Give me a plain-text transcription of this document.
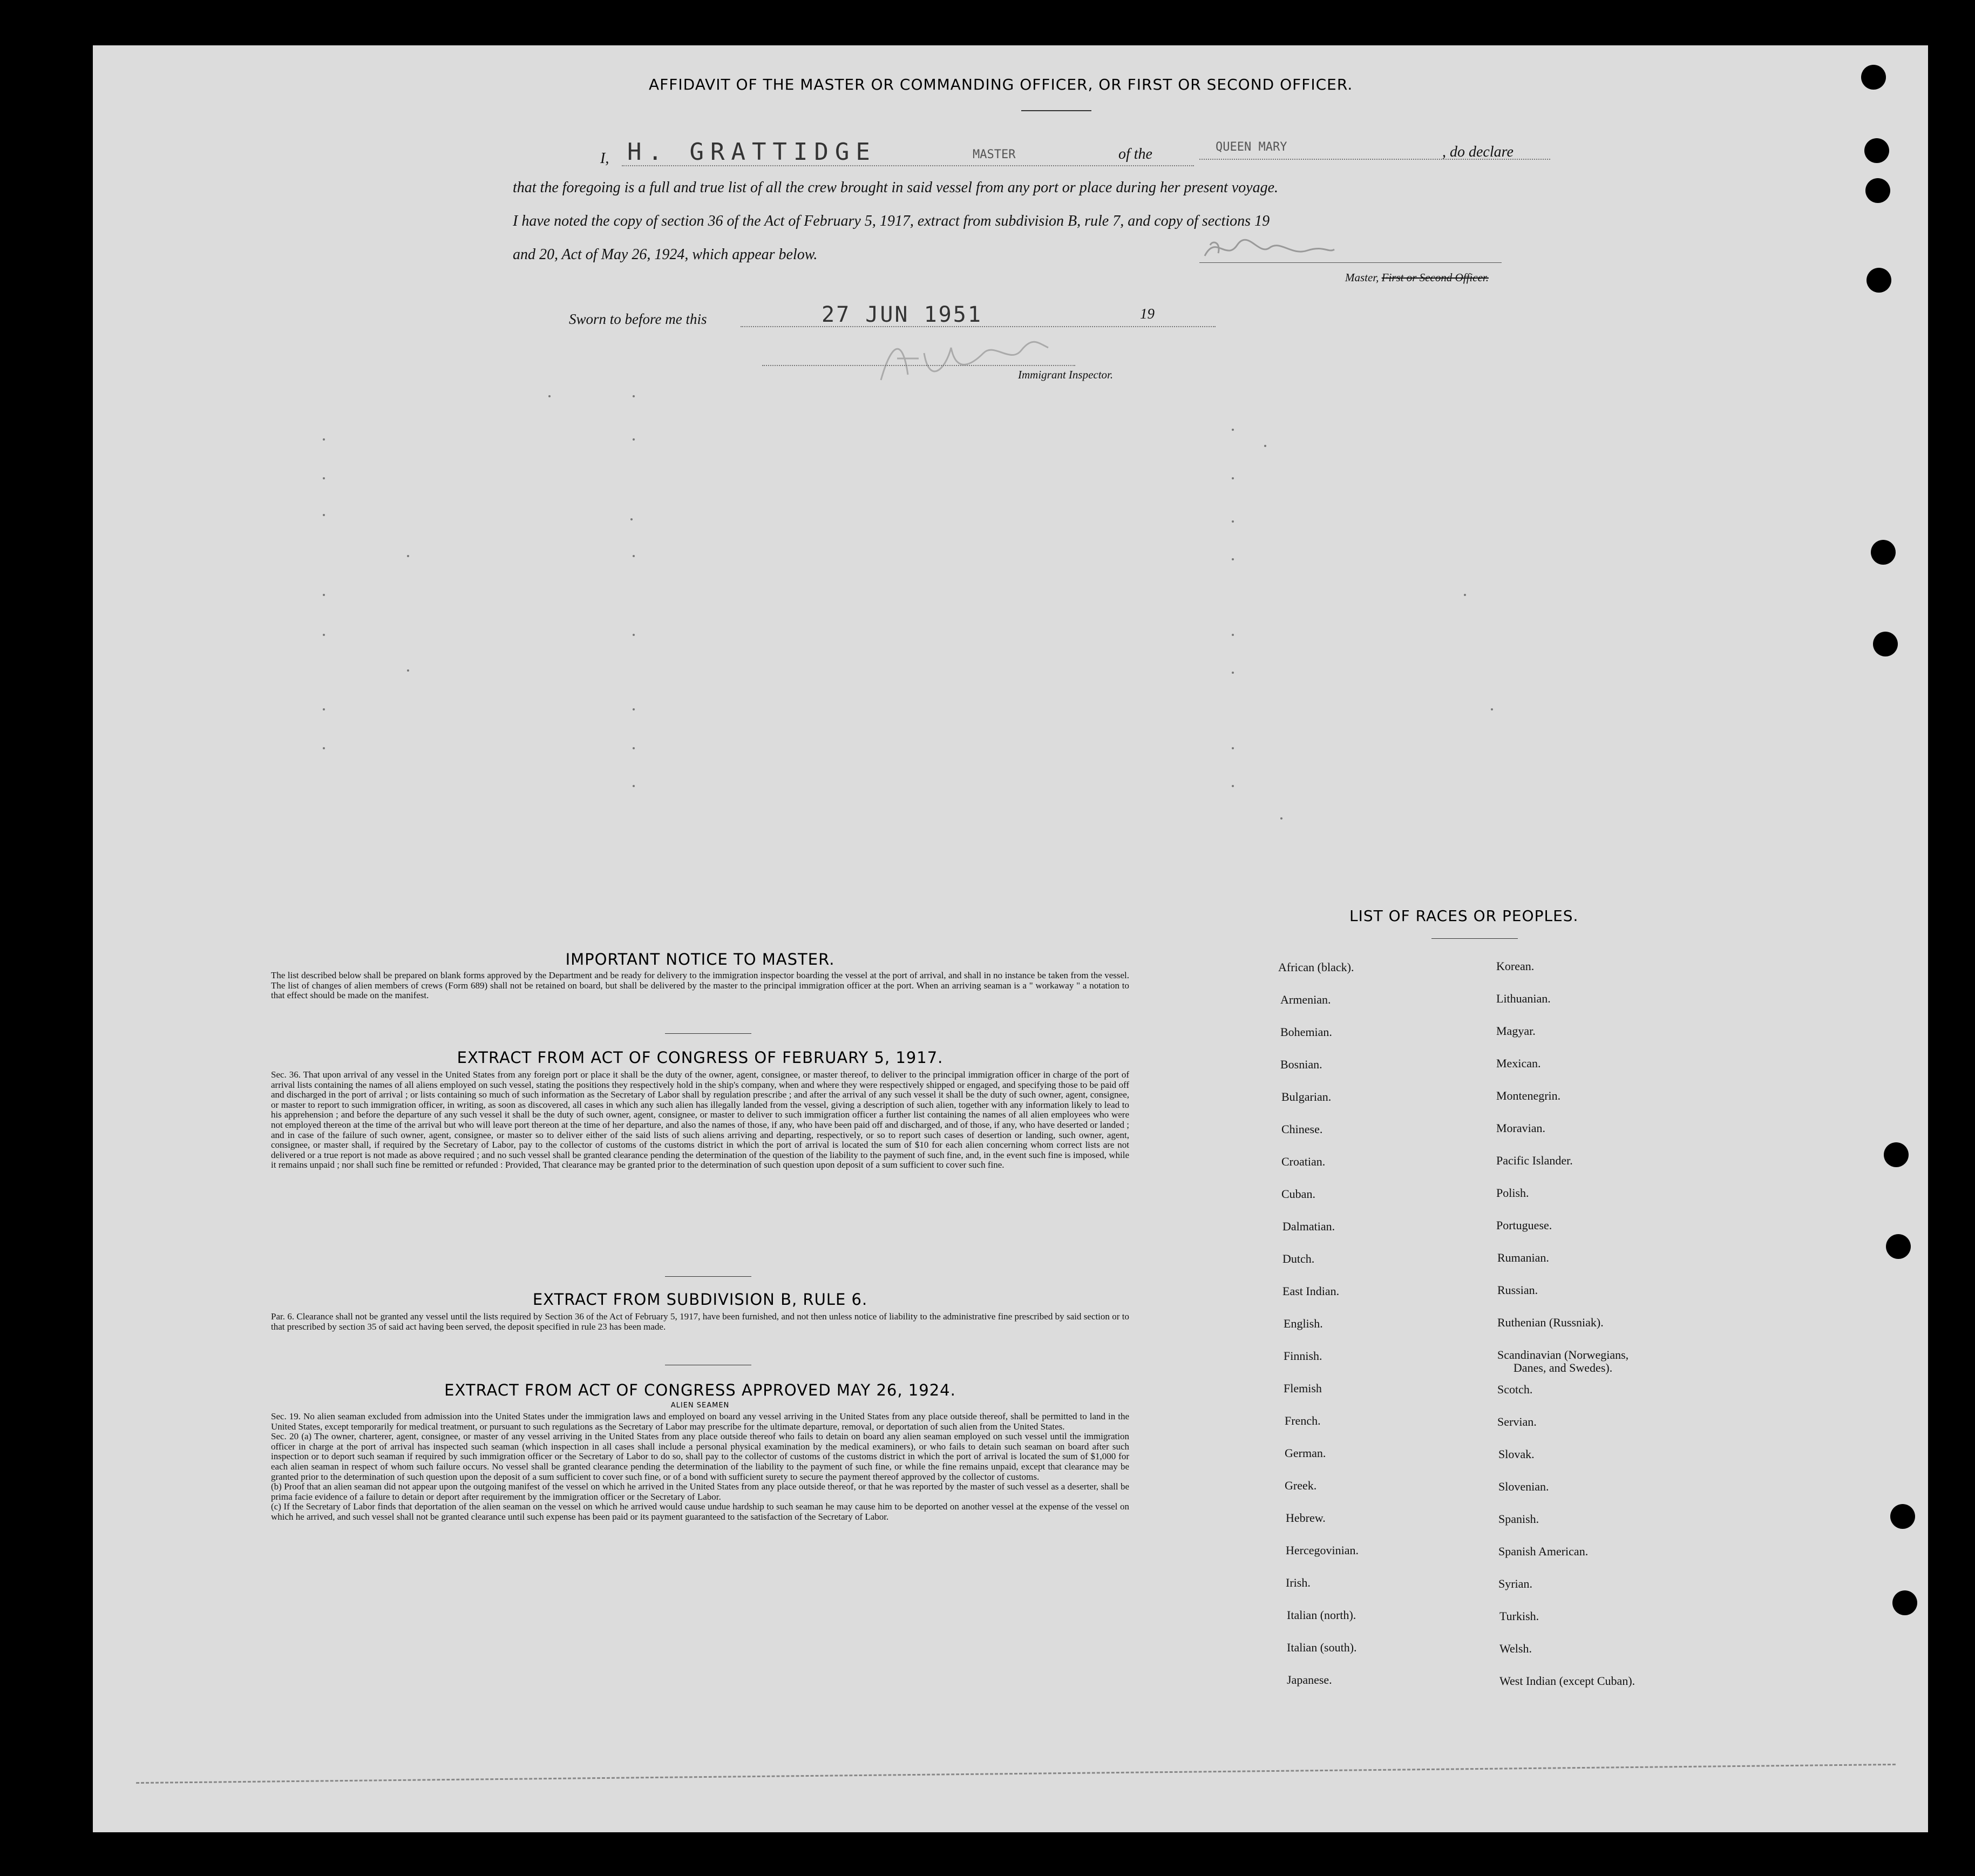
AFFIDAVIT OF THE MASTER OR COMMANDING OFFICER, OR FIRST OR SECOND OFFICER.
I, H. GRATTIDGE	MASTER	of the	QUEEN MARY	, do declare
that the foregoing is a full and true list of all the crew brought in said vessel from any port or place during her present voyage.
I have noted the copy of section 36 of the Act of February 5, 1917, extract from subdivision B, rule 7, and copy of sections 19
and 20, Act of May 26, 1924, which appear below.
Master, First or Second Officer.
Sworn to before me this	27 JUN 1951	19
Immigrant Inspector.
IMPORTANT NOTICE TO MASTER.
The list described below shall be prepared on blank forms approved by the Department and be ready for delivery to the immigration inspector boarding the vessel at the port of arrival, and shall in no instance be taken from the vessel. The list of changes of alien members of crews (Form 689) shall not be retained on board, but shall be delivered by the master to the principal immigration officer at the port. When an arriving seaman is a " workaway " a notation to that effect should be made on the manifest.
EXTRACT FROM ACT OF CONGRESS OF FEBRUARY 5, 1917.
Sec. 36. That upon arrival of any vessel in the United States from any foreign port or place it shall be the duty of the owner, agent, consignee, or master thereof, to deliver to the principal immigration officer in charge of the port of arrival lists containing the names of all aliens employed on such vessel, stating the positions they respectively hold in the ship's company, when and where they were respectively shipped or engaged, and specifying those to be paid off and discharged in the port of arrival ; or lists containing so much of such information as the Secretary of Labor shall by regulation prescribe ; and after the arrival of any such vessel it shall be the duty of such owner, agent, consignee, or master to report to such immigration officer, in writing, as soon as discovered, all cases in which any such alien has illegally landed from the vessel, giving a description of such alien, together with any information likely to lead to his apprehension ; and before the departure of any such vessel it shall be the duty of such owner, agent, consignee, or master to deliver to such immigration officer a further list containing the names of all alien employees who were not employed thereon at the time of the arrival but who will leave port thereon at the time of her departure, and also the names of those, if any, who have been paid off and discharged, and of those, if any, who have deserted or landed ; and in case of the failure of such owner, agent, consignee, or master so to deliver either of the said lists of such aliens arriving and departing, respectively, or so to report such cases of desertion or landing, such owner, agent, consignee, or master shall, if required by the Secretary of Labor, pay to the collector of customs of the customs district in which the port of arrival is located the sum of $10 for each alien concerning whom correct lists are not delivered or a true report is not made as above required ; and no such vessel shall be granted clearance pending the determination of the question of the liability to the payment of such fine, and, in the event such fine is imposed, while it remains unpaid ; nor shall such fine be remitted or refunded : Provided, That clearance may be granted prior to the determination of such question upon deposit of a sum sufficient to cover such fine.
EXTRACT FROM SUBDIVISION B, RULE 6.
Par. 6. Clearance shall not be granted any vessel until the lists required by Section 36 of the Act of February 5, 1917, have been furnished, and not then unless notice of liability to the administrative fine prescribed by said section or to that prescribed by section 35 of said act having been served, the deposit specified in rule 23 has been made.
EXTRACT FROM ACT OF CONGRESS APPROVED MAY 26, 1924.
ALIEN SEAMEN
Sec. 19. No alien seaman excluded from admission into the United States under the immigration laws and employed on board any vessel arriving in the United States from any place outside thereof, shall be permitted to land in the United States, except temporarily for medical treatment, or pursuant to such regulations as the Secretary of Labor may prescribe for the ultimate departure, removal, or deportation of such alien from the United States.
Sec. 20 (a) The owner, charterer, agent, consignee, or master of any vessel arriving in the United States from any place outside thereof who fails to detain on board any alien seaman employed on such vessel until the immigration officer in charge at the port of arrival has inspected such seaman (which inspection in all cases shall include a personal physical examination by the medical examiners), or who fails to detain such seaman on board after such inspection or to deport such seaman if required by such immigration officer or the Secretary of Labor to do so, shall pay to the collector of customs of the customs district in which the port of arrival is located the sum of $1,000 for each alien seaman in respect of whom such failure occurs. No vessel shall be granted clearance pending the determination of the liability to the payment of such fine, or while the fine remains unpaid, except that clearance may be granted prior to the determination of such question upon the deposit of a sum sufficient to cover such fine, or of a bond with sufficient surety to secure the payment thereof approved by the collector of customs.
(b) Proof that an alien seaman did not appear upon the outgoing manifest of the vessel on which he arrived in the United States from any place outside thereof, or that he was reported by the master of such vessel as a deserter, shall be prima facie evidence of a failure to detain or deport after requirement by the immigration officer or the Secretary of Labor.
(c) If the Secretary of Labor finds that deportation of the alien seaman on the vessel on which he arrived would cause undue hardship to such seaman he may cause him to be deported on another vessel at the expense of the vessel on which he arrived, and such vessel shall not be granted clearance until such expense has been paid or its payment guaranteed to the satisfaction of the Secretary of Labor.
LIST OF RACES OR PEOPLES.
African (black).
Armenian.
Bohemian.
Bosnian.
Bulgarian.
Chinese.
Croatian.
Cuban.
Dalmatian.
Dutch.
East Indian.
English.
Finnish.
Flemish
French.
German.
Greek.
Hebrew.
Hercegovinian.
Irish.
Italian (north).
Italian (south).
Japanese.
Korean.
Lithuanian.
Magyar.
Mexican.
Montenegrin.
Moravian.
Pacific Islander.
Polish.
Portuguese.
Rumanian.
Russian.
Ruthenian (Russniak).
Scandinavian (Norwegians,
Danes, and Swedes).
Scotch.
Servian.
Slovak.
Slovenian.
Spanish.
Spanish American.
Syrian.
Turkish.
Welsh.
West Indian (except Cuban).
